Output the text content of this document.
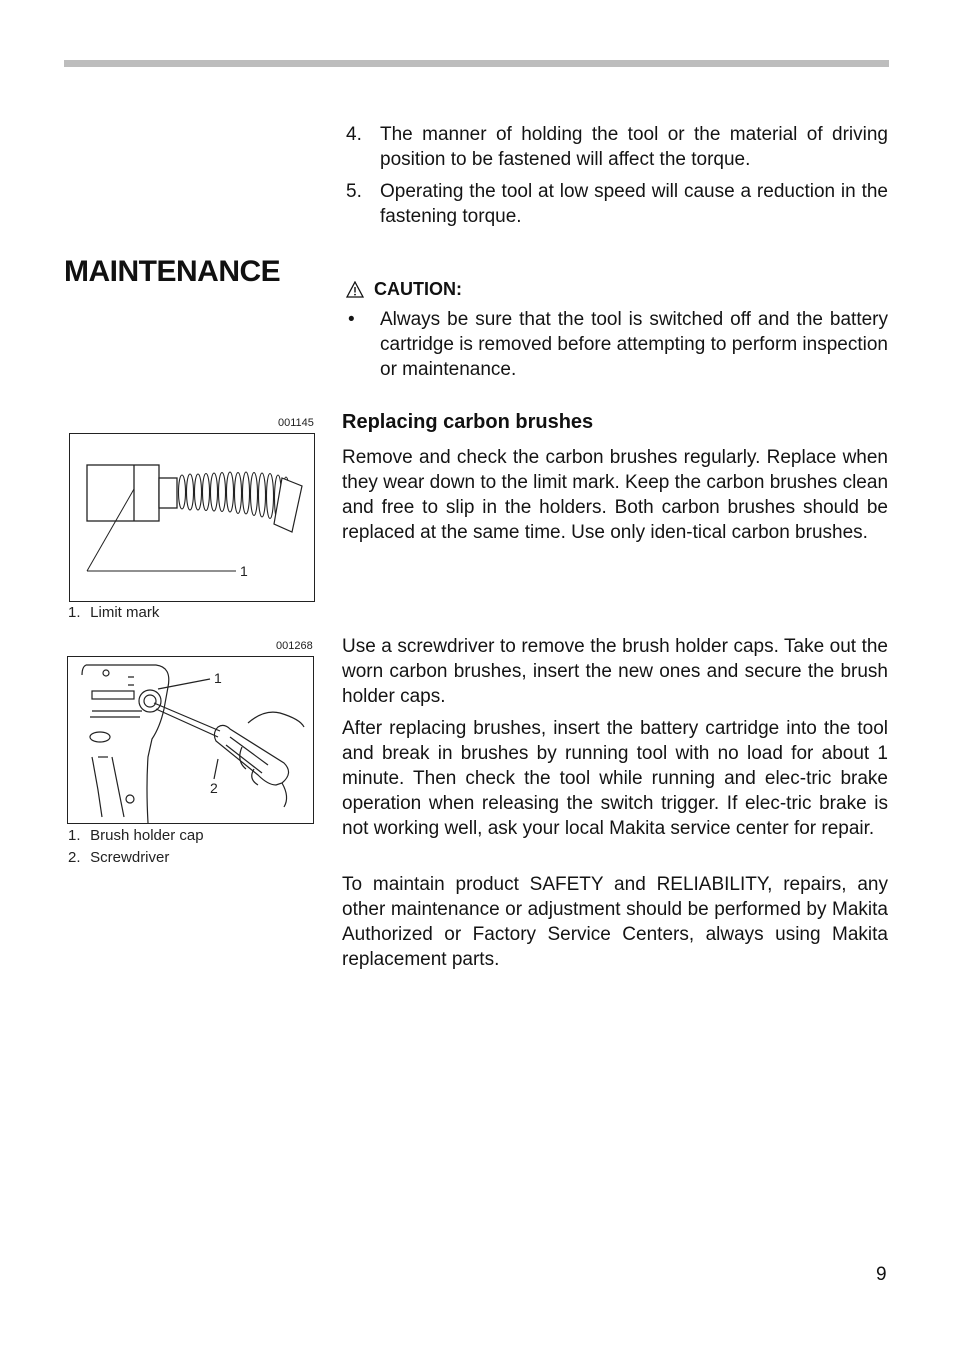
4. The manner of holding the tool or the material of driving position to be fastened will affect the torque.
5. Operating the tool at low speed will cause a reduction in the fastening torque.
MAINTENANCE
CAUTION:
• Always be sure that the tool is switched off and the battery cartridge is removed before attempting to perform inspection or maintenance.
Replacing carbon brushes
Remove and check the carbon brushes regularly. Replace when they wear down to the limit mark. Keep the carbon brushes clean and free to slip in the holders. Both carbon brushes should be replaced at the same time. Use only iden-tical carbon brushes.
Use a screwdriver to remove the brush holder caps. Take out the worn carbon brushes, insert the new ones and secure the brush holder caps.
After replacing brushes, insert the battery cartridge into the tool and break in brushes by running tool with no load for about 1 minute. Then check the tool while running and elec-tric brake operation when releasing the switch trigger. If elec-tric brake is not working well, ask your local Makita service center for repair.
To maintain product SAFETY and RELIABILITY, repairs, any other maintenance or adjustment should be performed by Makita Authorized or Factory Service Centers, always using Makita replacement parts.
001145
1
1. Limit mark
001268
1
2
1. Brush holder cap
2. Screwdriver
9
